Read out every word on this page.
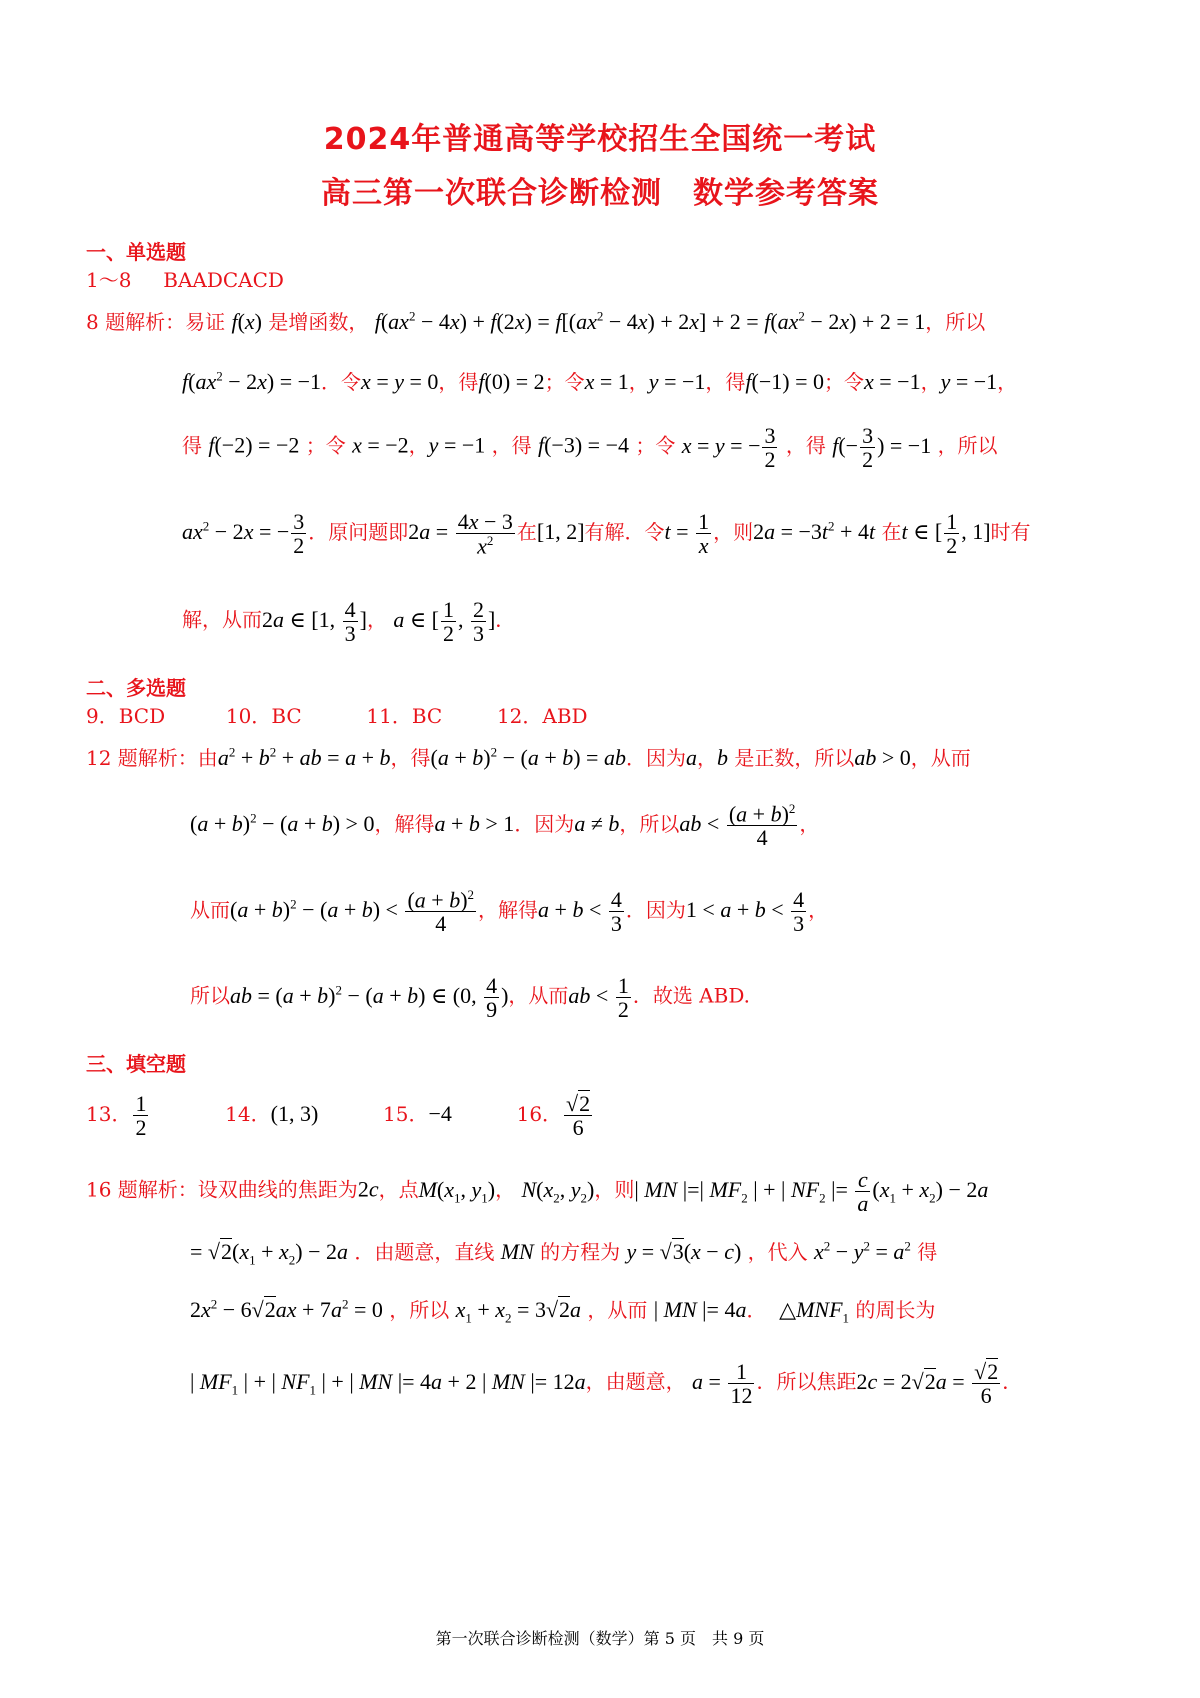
2024年普通高等学校招生全国统一考试
高三第一次联合诊断检测　数学参考答案
一、单选题
1～8 BAADCACD
8 题解析：易证 f(x) 是增函数， $f(ax^2 - 4x) + f(2x) = f[(ax^2 - 4x) + 2x] + 2 = f(ax^2 - 2x) + 2 = 1$，所以
$f(ax^2 - 2x) = -1$．令x = y = 0，得f(0) = 2；令x = 1，y = −1，得f(−1) = 0；令x = −1，y = −1，
得 f(−2) = −2 ；令 x = −2，y = −1 ，得 f(−3) = −4 ；令 x = y = − $\frac{3}{2}$ ，得 $f(- \frac{3}{2}$ ) = −1 ，所以
$ax^2 - 2x$ = − $\frac{3}{2}$ ．原问题即$2a = \frac{4x - 3}{x^2}$ 在[1, 2]有解．令$t = \frac{1}{x}$ ，则$2a = -3t^2 + 4t$ 在t ∈ [ $\frac{1}{2}$ , 1]时有
解，从而2a ∈ [1, $\frac{4}{3}$ ]， a ∈ [ $\frac{1}{2}$ , $\frac{2}{3}$ ]．
二、多选题
9．BCD	10．BC	11．BC	12．ABD
12 题解析：由$a^2 + b^2$ + ab = a + b，得$(a + b)^2 - (a + b)$ = ab．因为a，b 是正数，所以ab > 0，从而
$(a + b)^2 - (a + b) > 0$，解得a + b > 1．因为a ≠ b，所以ab < $\frac{(a + b)^2}{4}$ ，
从而$(a + b)^2 - (a + b) < \frac{(a + b)^2}{4}$ ，解得$a + b < \frac{4}{3}$ ．因为$1 < a + b < \frac{4}{3}$ ，
所以ab = $(a + b)^2 - (a + b)$ ∈ (0, $\frac{4}{9}$ )，从而ab < $\frac{1}{2}$ ．故选 ABD.
三、填空题
13． $\frac{1}{2}$	14．(1, 3)	15．−4	16． $\frac{√2}{6}$
16 题解析：设双曲线的焦距为2c，点$M(x_1$, $y_1$)， $N(x_2$, $y_2$)，则| MN |=| $MF_2$ | + | $NF_2$ |= $\frac{c}{a} (x_1 + x_2) - 2a$
= $√2(x_1 + x_2) - 2a$ ．由题意，直线 MN 的方程为 y = √3(x − c) ，代入 $x^2 - y^2 = a^2$ 得
$2x^2 - 6√2ax + 7a^2 = 0$ ，所以 $x_1 + x_2 = 3√2a$ ，从而 | MN |= 4a． $\triangle MNF_1$ 的周长为
| $MF_1$ | + | $NF_1$ | + | MN |= 4a + 2 | MN |= 12a，由题意， $a = \frac{1}{12}$ ．所以焦距$2c = 2√2a = \frac{√2}{6}$ ．
第一次联合诊断检测（数学）第 5 页　共 9 页
